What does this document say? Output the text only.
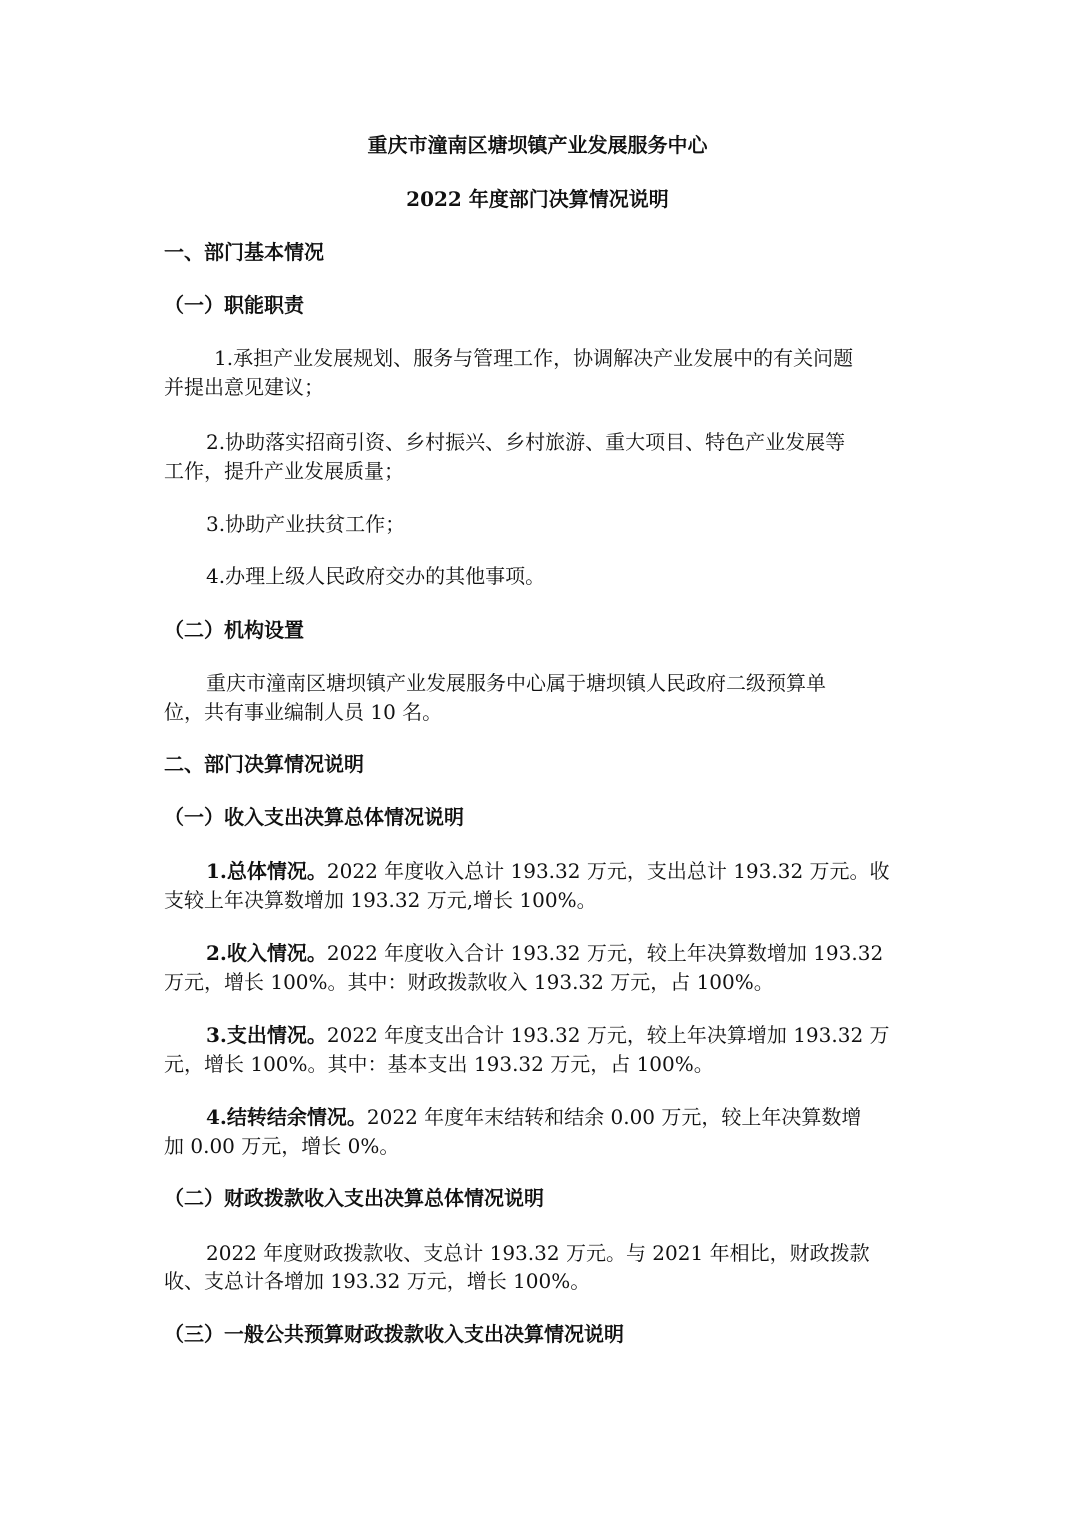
重庆市潼南区塘坝镇产业发展服务中心
2022 年度部门决算情况说明
一、部门基本情况
（一）职能职责
1.承担产业发展规划、服务与管理工作，协调解决产业发展中的有关问题
并提出意见建议；
2.协助落实招商引资、乡村振兴、乡村旅游、重大项目、特色产业发展等
工作，提升产业发展质量；
3.协助产业扶贫工作；
4.办理上级人民政府交办的其他事项。
（二）机构设置
重庆市潼南区塘坝镇产业发展服务中心属于塘坝镇人民政府二级预算单
位，共有事业编制人员 10 名。
二、部门决算情况说明
（一）收入支出决算总体情况说明
1.总体情况。2022 年度收入总计 193.32 万元，支出总计 193.32 万元。收
支较上年决算数增加 193.32 万元,增长 100%。
2.收入情况。2022 年度收入合计 193.32 万元，较上年决算数增加 193.32
万元，增长 100%。其中：财政拨款收入 193.32 万元，占 100%。
3.支出情况。2022 年度支出合计 193.32 万元，较上年决算增加 193.32 万
元，增长 100%。其中：基本支出 193.32 万元，占 100%。
4.结转结余情况。2022 年度年末结转和结余 0.00 万元，较上年决算数增
加 0.00 万元，增长 0%。
（二）财政拨款收入支出决算总体情况说明
2022 年度财政拨款收、支总计 193.32 万元。与 2021 年相比，财政拨款
收、支总计各增加 193.32 万元，增长 100%。
（三）一般公共预算财政拨款收入支出决算情况说明
